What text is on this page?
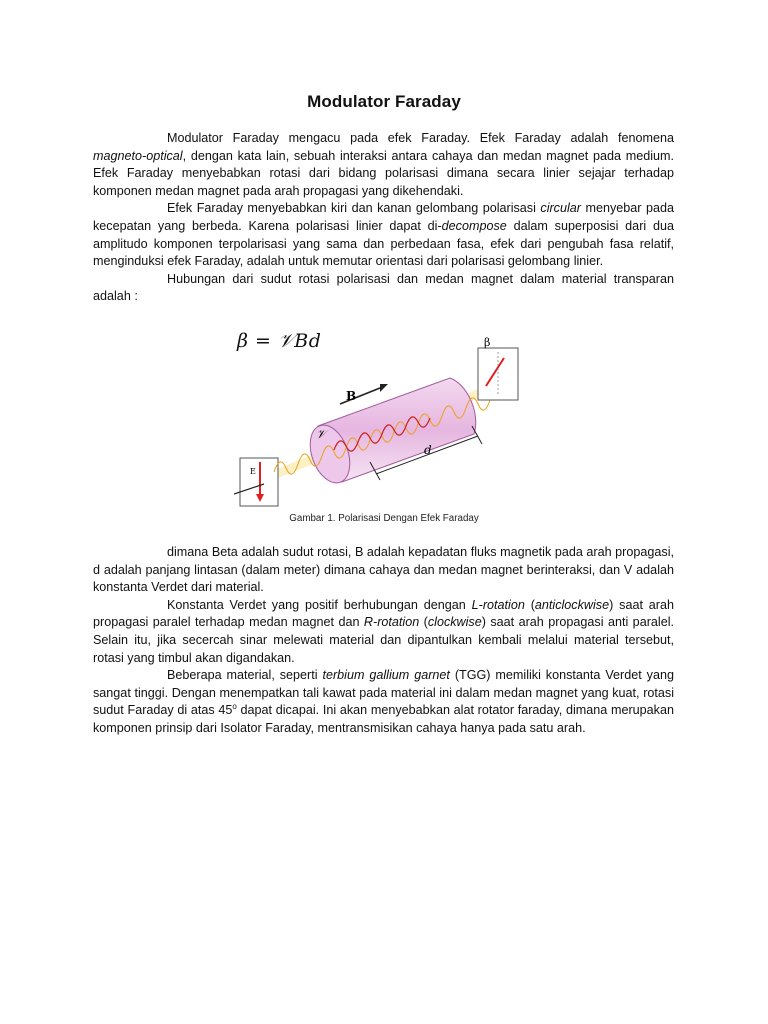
Modulator Faraday

Modulator Faraday mengacu pada efek Faraday. Efek Faraday adalah fenomena magneto-optical, dengan kata lain, sebuah interaksi antara cahaya dan medan magnet pada medium. Efek Faraday menyebabkan rotasi dari bidang polarisasi dimana secara linier sejajar terhadap komponen medan magnet pada arah propagasi yang dikehendaki.

Efek Faraday menyebabkan kiri dan kanan gelombang polarisasi circular menyebar pada kecepatan yang berbeda. Karena polarisasi linier dapat di-decompose dalam superposisi dari dua amplitudo komponen terpolarisasi yang sama dan perbedaan fasa, efek dari pengubah fasa relatif, menginduksi efek Faraday, adalah untuk memutar orientasi dari polarisasi gelombang linier.

Hubungan dari sudut rotasi polarisasi dan medan magnet dalam material transparan adalah :

B
𝒱
d
β
E
β = 𝒱Bd
Gambar 1. Polarisasi Dengan Efek Faraday

dimana Beta adalah sudut rotasi, B adalah kepadatan fluks magnetik pada arah propagasi, d adalah panjang lintasan (dalam meter) dimana cahaya dan medan magnet berinteraksi, dan V adalah konstanta Verdet dari material.

Konstanta Verdet yang positif berhubungan dengan L-rotation (anticlockwise) saat arah propagasi paralel terhadap medan magnet dan R-rotation (clockwise) saat arah propagasi anti paralel. Selain itu, jika secercah sinar melewati material dan dipantulkan kembali melalui material tersebut, rotasi yang timbul akan digandakan.

Beberapa material, seperti terbium gallium garnet (TGG) memiliki konstanta Verdet yang sangat tinggi. Dengan menempatkan tali kawat pada material ini dalam medan magnet yang kuat, rotasi sudut Faraday di atas 45$^o$ dapat dicapai. Ini akan menyebabkan alat rotator faraday, dimana merupakan komponen prinsip dari Isolator Faraday, mentransmisikan cahaya hanya pada satu arah.
